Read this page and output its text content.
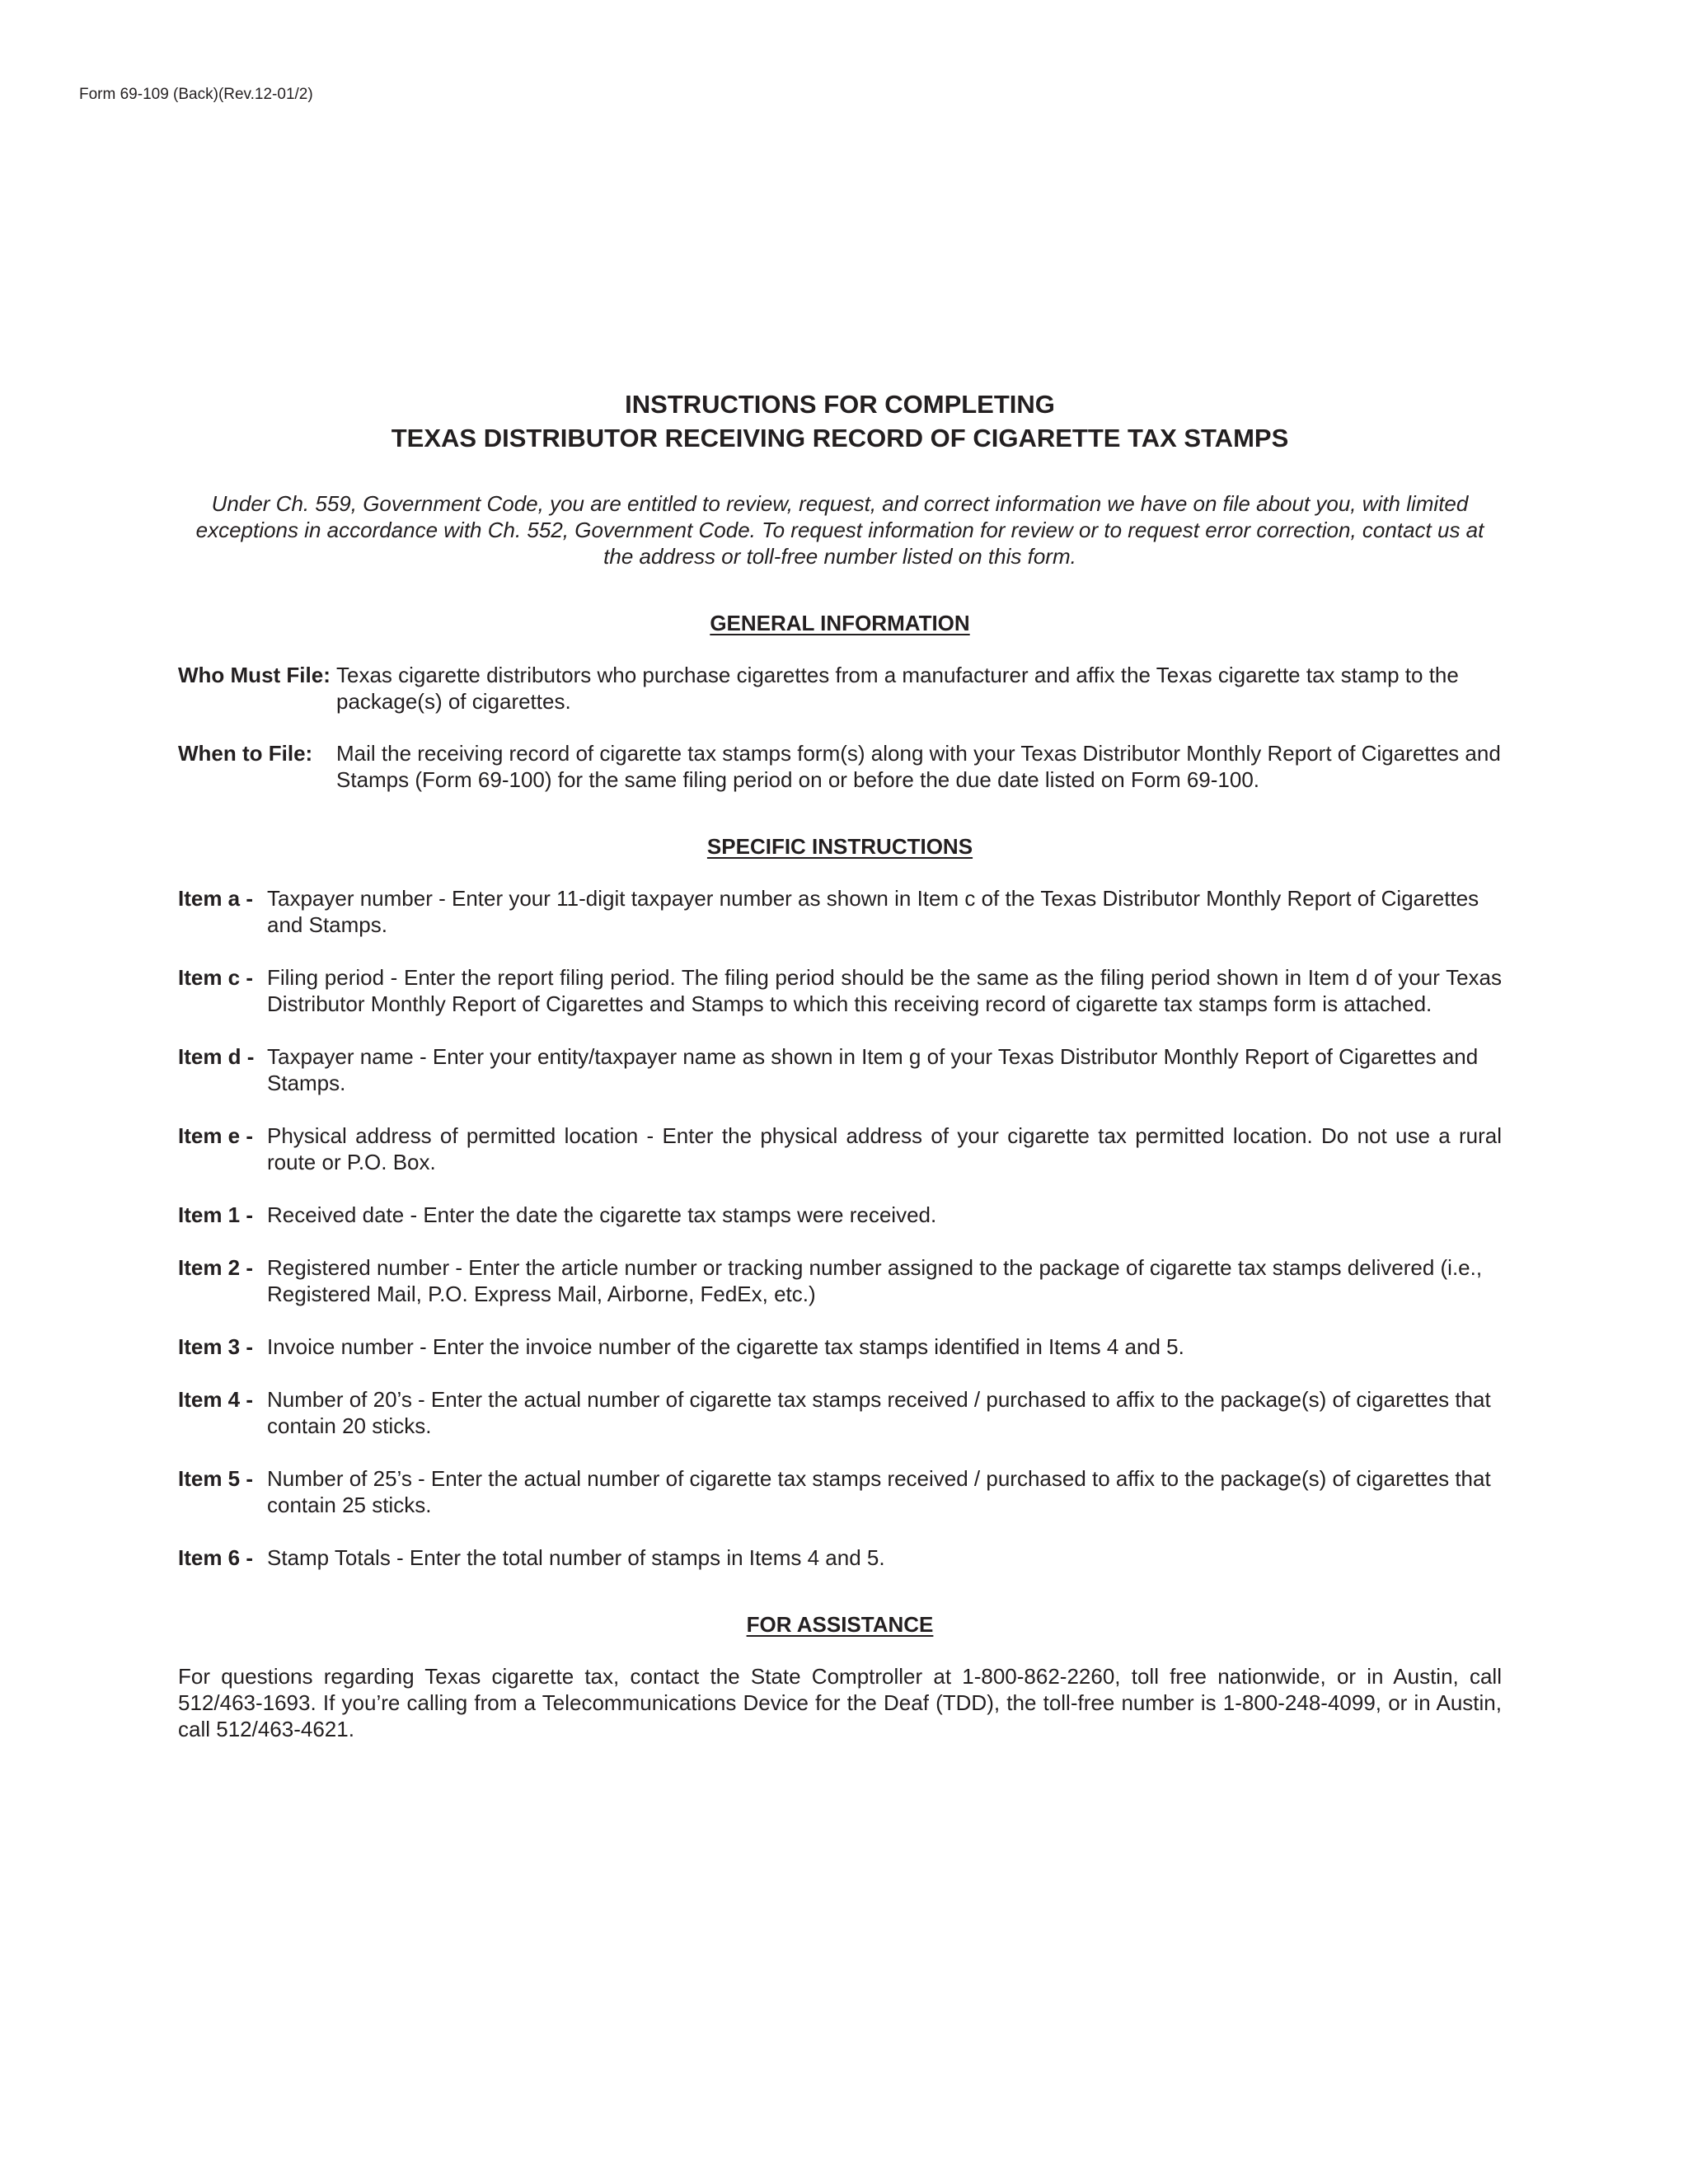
Form 69-109 (Back)(Rev.12-01/2)
INSTRUCTIONS FOR COMPLETING
TEXAS DISTRIBUTOR RECEIVING RECORD OF CIGARETTE TAX STAMPS
Under Ch. 559, Government Code, you are entitled to review, request, and correct information we have on file about you, with limited exceptions in accordance with Ch. 552, Government Code. To request information for review or to request error correction, contact us at the address or toll-free number listed on this form.
GENERAL INFORMATION
Who Must File: Texas cigarette distributors who purchase cigarettes from a manufacturer and affix the Texas cigarette tax stamp to the package(s) of cigarettes.
When to File:	Mail the receiving record of cigarette tax stamps form(s) along with your Texas Distributor Monthly Report of Cigarettes and Stamps (Form 69-100) for the same filing period on or before the due date listed on Form 69-100.
SPECIFIC INSTRUCTIONS
Item a - Taxpayer number - Enter your 11-digit taxpayer number as shown in Item c of the Texas Distributor Monthly Report of Cigarettes and Stamps.
Item c - Filing period - Enter the report filing period. The filing period should be the same as the filing period shown in Item d of your Texas Distributor Monthly Report of Cigarettes and Stamps to which this receiving record of cigarette tax stamps form is attached.
Item d - Taxpayer name - Enter your entity/taxpayer name as shown in Item g of your Texas Distributor Monthly Report of Cigarettes and Stamps.
Item e - Physical address of permitted location - Enter the physical address of your cigarette tax permitted location. Do not use a rural route or P.O. Box.
Item 1 - Received date - Enter the date the cigarette tax stamps were received.
Item 2 - Registered number - Enter the article number or tracking number assigned to the package of cigarette tax stamps delivered (i.e., Registered Mail, P.O. Express Mail, Airborne, FedEx, etc.)
Item 3 - Invoice number - Enter the invoice number of the cigarette tax stamps identified in Items 4 and 5.
Item 4 - Number of 20’s - Enter the actual number of cigarette tax stamps received / purchased to affix to the package(s) of cigarettes that contain 20 sticks.
Item 5 - Number of 25’s - Enter the actual number of cigarette tax stamps received / purchased to affix to the package(s) of cigarettes that contain 25 sticks.
Item 6 - Stamp Totals - Enter the total number of stamps in Items 4 and 5.
FOR ASSISTANCE
For questions regarding Texas cigarette tax, contact the State Comptroller at 1-800-862-2260, toll free nationwide, or in Austin, call 512/463-1693. If you’re calling from a Telecommunications Device for the Deaf (TDD), the toll-free number is 1-800-248-4099, or in Austin, call 512/463-4621.
